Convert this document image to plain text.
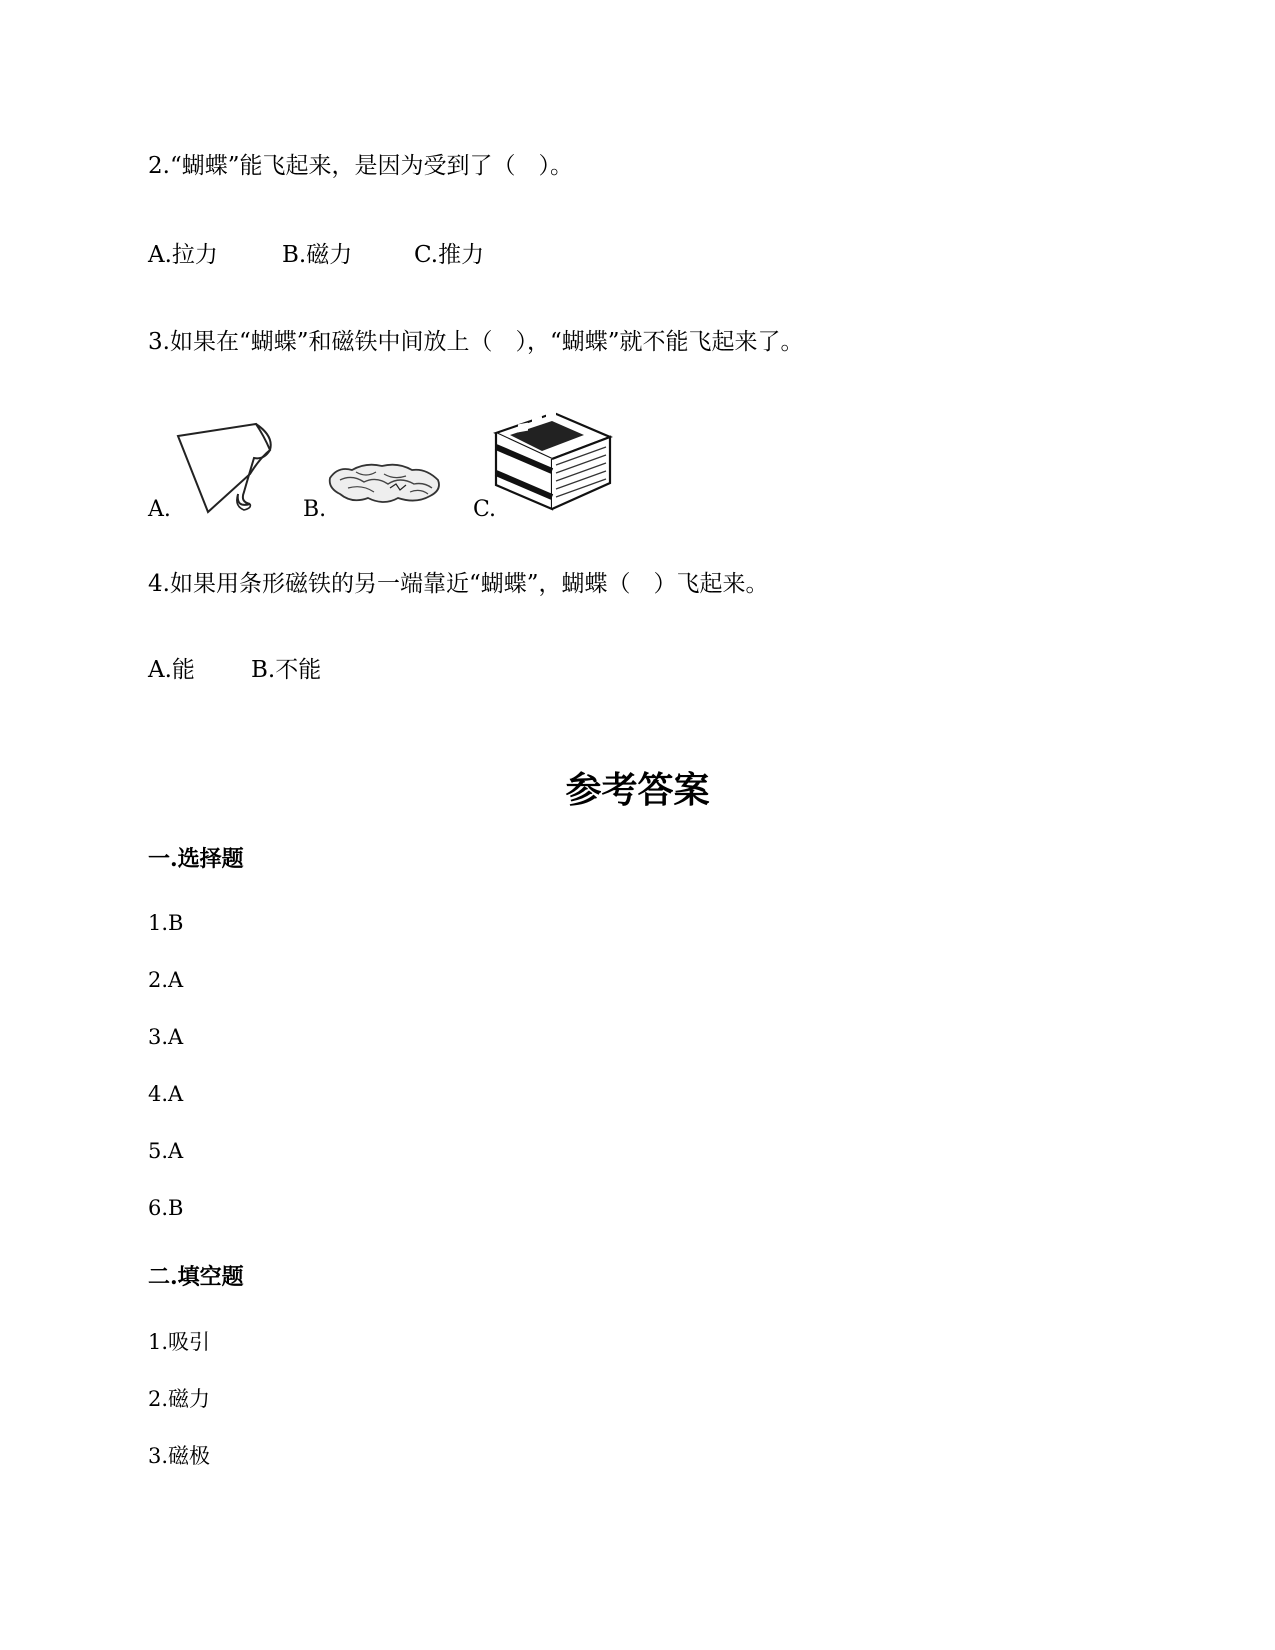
2.“蝴蝶”能飞起来，是因为受到了（　）。
A.拉力	B.磁力	C.推力
3.如果在“蝴蝶”和磁铁中间放上（　），“蝴蝶”就不能飞起来了。
A.	B.	C.
4.如果用条形磁铁的另一端靠近“蝴蝶”，蝴蝶（　）飞起来。
A.能 B.不能
参考答案
一.选择题
1.B
2.A
3.A
4.A
5.A
6.B
二.填空题
1.吸引
2.磁力
3.磁极
